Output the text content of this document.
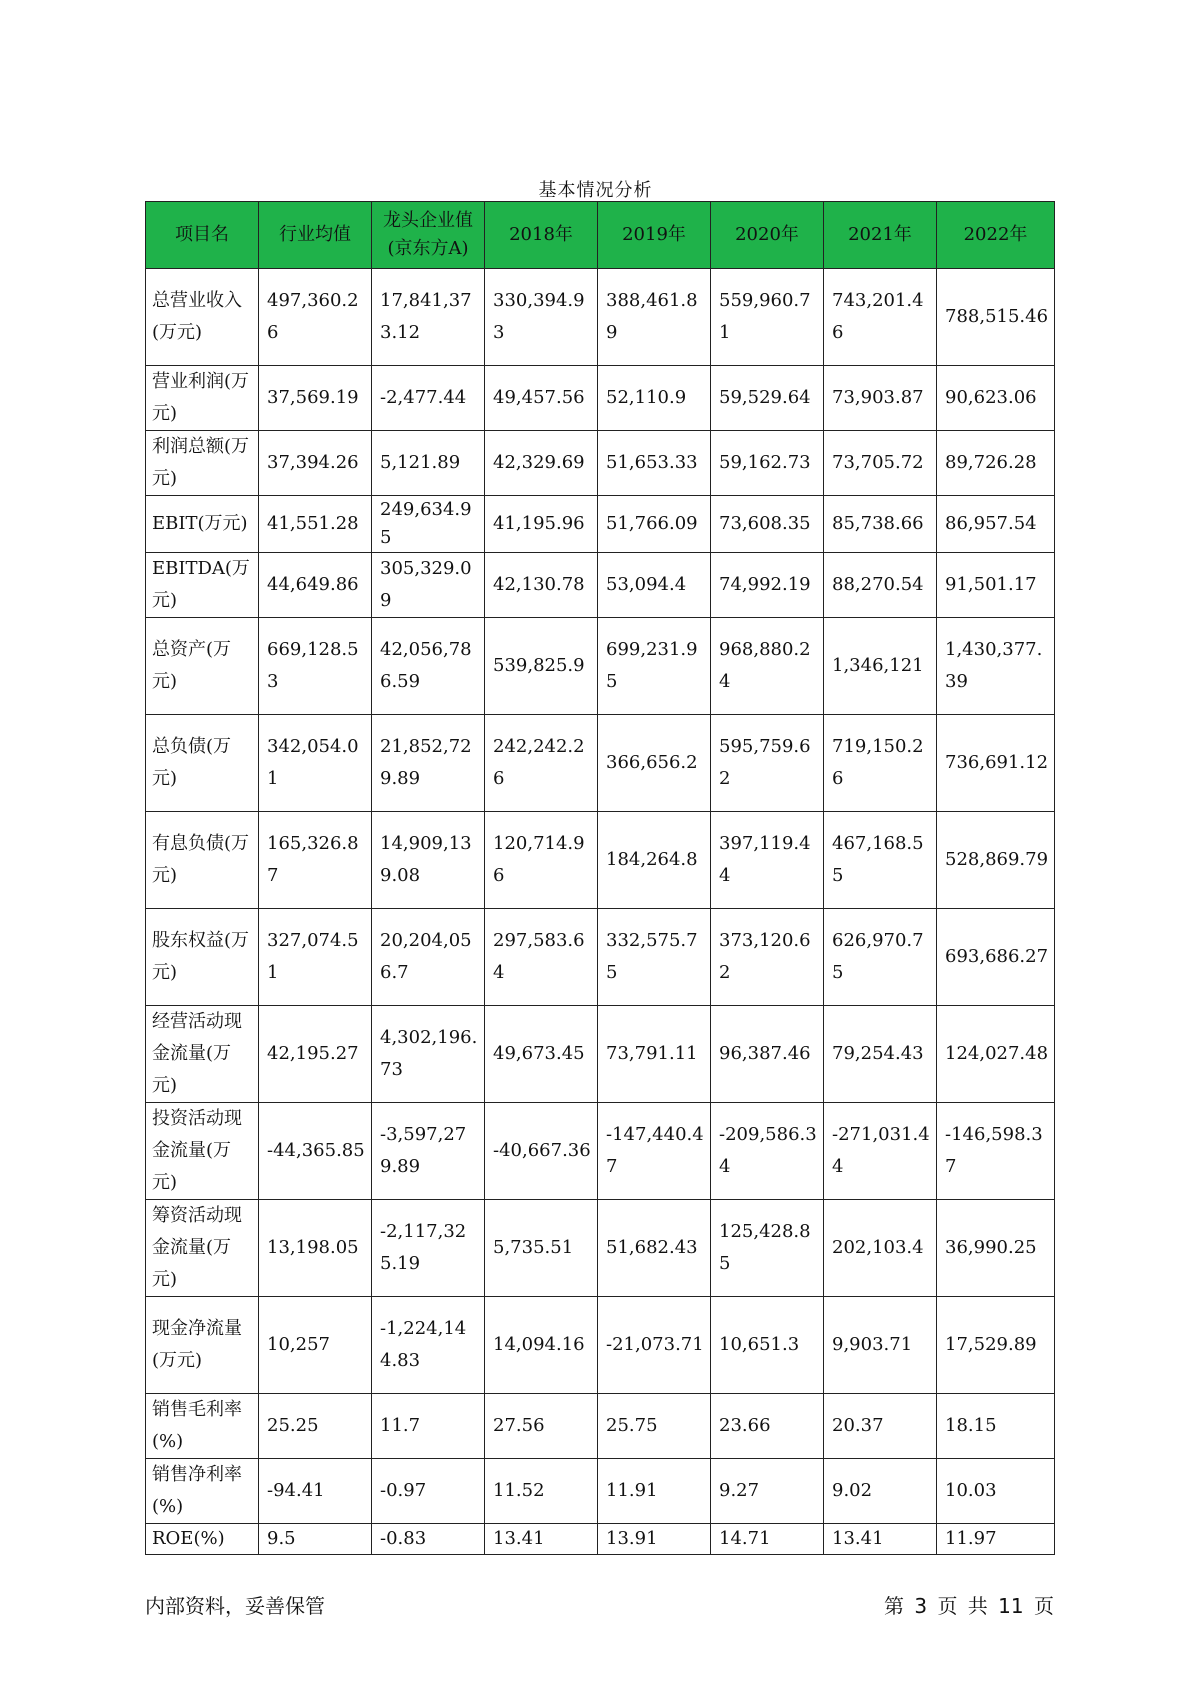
基本情况分析
项目名	行业均值	龙头企业值(京东方A)	2018年	2019年	2020年	2021年	2022年
总营业收入(万元)	497,360.26	17,841,373.12	330,394.93	388,461.89	559,960.71	743,201.46	788,515.46
营业利润(万元)	37,569.19	-2,477.44	49,457.56	52,110.9	59,529.64	73,903.87	90,623.06
利润总额(万元)	37,394.26	5,121.89	42,329.69	51,653.33	59,162.73	73,705.72	89,726.28
EBIT(万元)	41,551.28	249,634.95	41,195.96	51,766.09	73,608.35	85,738.66	86,957.54
EBITDA(万元)	44,649.86	305,329.09	42,130.78	53,094.4	74,992.19	88,270.54	91,501.17
总资产(万元)	669,128.53	42,056,786.59	539,825.9	699,231.95	968,880.24	1,346,121	1,430,377.39
总负债(万元)	342,054.01	21,852,729.89	242,242.26	366,656.2	595,759.62	719,150.26	736,691.12
有息负债(万元)	165,326.87	14,909,139.08	120,714.96	184,264.8	397,119.44	467,168.55	528,869.79
股东权益(万元)	327,074.51	20,204,056.7	297,583.64	332,575.75	373,120.62	626,970.75	693,686.27
经营活动现金流量(万元)	42,195.27	4,302,196.73	49,673.45	73,791.11	96,387.46	79,254.43	124,027.48
投资活动现金流量(万元)	-44,365.85	-3,597,279.89	-40,667.36	-147,440.47	-209,586.34	-271,031.44	-146,598.37
筹资活动现金流量(万元)	13,198.05	-2,117,325.19	5,735.51	51,682.43	125,428.85	202,103.4	36,990.25
现金净流量(万元)	10,257	-1,224,144.83	14,094.16	-21,073.71	10,651.3	9,903.71	17,529.89
销售毛利率(%)	25.25	11.7	27.56	25.75	23.66	20.37	18.15
销售净利率(%)	-94.41	-0.97	11.52	11.91	9.27	9.02	10.03
ROE(%)	9.5	-0.83	13.41	13.91	14.71	13.41	11.97
内部资料，妥善保管	第 3 页 共 11 页
